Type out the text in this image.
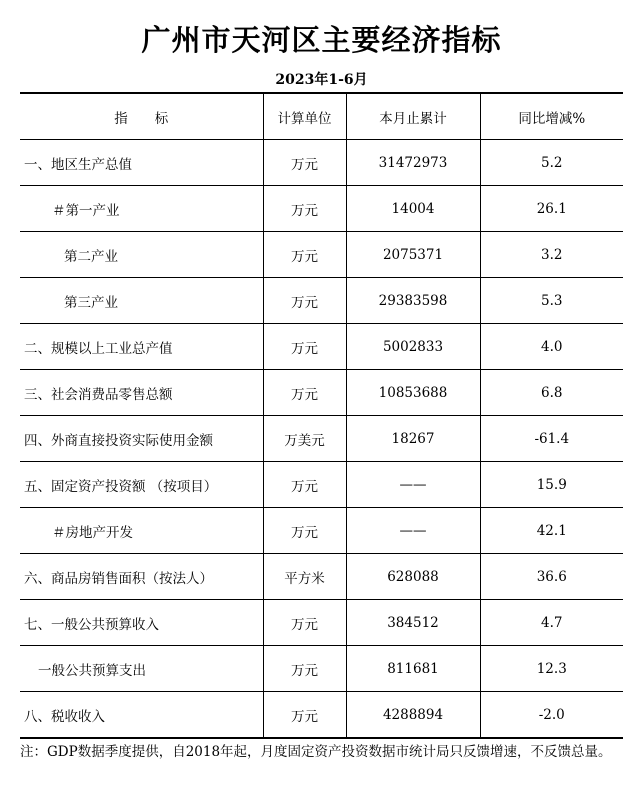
广州市天河区主要经济指标
2023年1-6月
指　　标	计算单位	本月止累计	同比增减%
一、地区生产总值	万元	31472973	5.2
＃第一产业	万元	14004	26.1
第二产业	万元	2075371	3.2
第三产业	万元	29383598	5.3
二、规模以上工业总产值	万元	5002833	4.0
三、社会消费品零售总额	万元	10853688	6.8
四、外商直接投资实际使用金额	万美元	18267	-61.4
五、固定资产投资额 （按项目）	万元	——	15.9
＃房地产开发	万元	——	42.1
六、商品房销售面积（按法人）	平方米	628088	36.6
七、一般公共预算收入	万元	384512	4.7
一般公共预算支出	万元	811681	12.3
八、税收收入	万元	4288894	-2.0
注：GDP数据季度提供，自2018年起，月度固定资产投资数据市统计局只反馈增速，不反馈总量。
